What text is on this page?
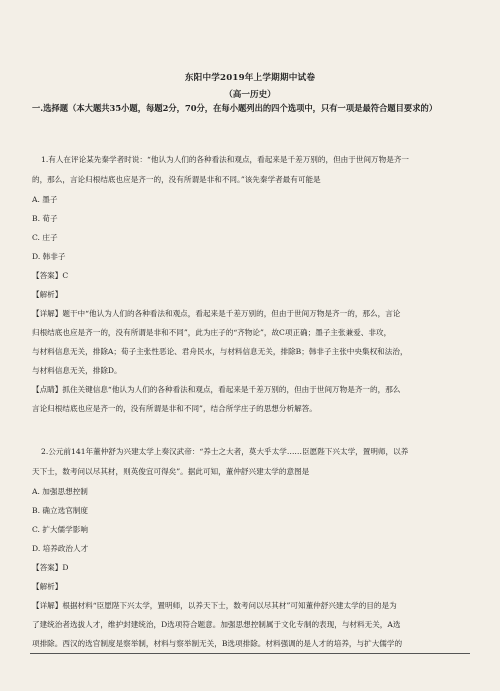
东阳中学2019年上学期期中试卷
（高一历史）
一.选择题（本大题共35小题，每题2分，70分，在每小题列出的四个选项中，只有一项是最符合题目要求的）
1.有人在评论某先秦学者时说：“他认为人们的各种看法和观点，看起来是千差万别的，但由于世间万物是齐一
的，那么，言论归根结底也应是齐一的，没有所谓是非和不同。”该先秦学者最有可能是
A. 墨子
B. 荀子
C. 庄子
D. 韩非子
【答案】C
【解析】
【详解】题干中“他认为人们的各种看法和观点，看起来是千差万别的，但由于世间万物是齐一的，那么，言论
归根结底也应是齐一的，没有所谓是非和不同”，此为庄子的“齐物论”，故C项正确；墨子主张兼爱、非攻，
与材料信息无关，排除A；荀子主张性恶论、君舟民水，与材料信息无关，排除B；韩非子主张中央集权和法治，
与材料信息无关，排除D。
【点睛】抓住关键信息“他认为人们的各种看法和观点，看起来是千差万别的，但由于世间万物是齐一的，那么
言论归根结底也应是齐一的，没有所谓是非和不同”，结合所学庄子的思想分析解答。
2.公元前141年董仲舒为兴建太学上奏汉武帝：“养士之大者，莫大乎太学……臣愿陛下兴太学，置明师，以养
天下士，数考问以尽其材，则英俊宜可得矣”。据此可知，董仲舒兴建太学的意图是
A. 加强思想控制
B. 确立选官制度
C. 扩大儒学影响
D. 培养政治人才
【答案】D
【解析】
【详解】根据材料“臣愿陛下兴太学，置明师，以养天下士，数考问以尽其材”可知董仲舒兴建太学的目的是为
了建统治者选拔人才，维护封建统治，D选项符合题意。加强思想控制属于文化专制的表现，与材料无关，A选
项排除。西汉的选官制度是察举制，材料与察举制无关，B选项排除。材料强调的是人才的培养，与扩大儒学的
